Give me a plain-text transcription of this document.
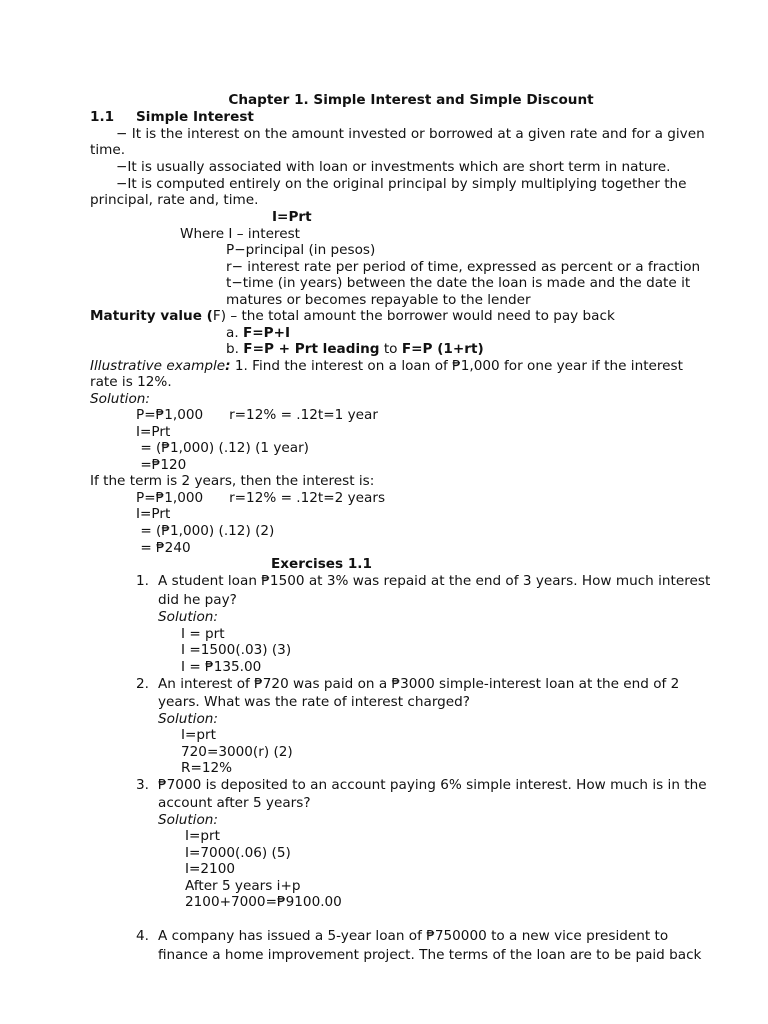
Chapter 1. Simple Interest and Simple Discount
1.1 Simple Interest
− It is the interest on the amount invested or borrowed at a given rate and for a given
time.
−It is usually associated with loan or investments which are short term in nature.
−It is computed entirely on the original principal by simply multiplying together the
principal, rate and, time.
I=Prt
Where I – interest
P−principal (in pesos)
r− interest rate per period of time, expressed as percent or a fraction
t−time (in years) between the date the loan is made and the date it
matures or becomes repayable to the lender
Maturity value (F) – the total amount the borrower would need to pay back
a. F=P+I
b. F=P + Prt leading to F=P (1+rt)
Illustrative example: 1. Find the interest on a loan of ₱1,000 for one year if the interest
rate is 12%.
Solution:
P=₱1,000      r=12% = .12t=1 year
I=Prt
= (₱1,000) (.12) (1 year)
=₱120
If the term is 2 years, then the interest is:
P=₱1,000      r=12% = .12t=2 years
I=Prt
= (₱1,000) (.12) (2)
= ₱240
Exercises 1.1
1. A student loan ₱1500 at 3% was repaid at the end of 3 years. How much interest
did he pay?
Solution:
I = prt
I =1500(.03) (3)
I = ₱135.00
2. An interest of ₱720 was paid on a ₱3000 simple-interest loan at the end of 2
years. What was the rate of interest charged?
Solution:
I=prt
720=3000(r) (2)
R=12%
3. ₱7000 is deposited to an account paying 6% simple interest. How much is in the
account after 5 years?
Solution:
I=prt
I=7000(.06) (5)
I=2100
After 5 years i+p
2100+7000=₱9100.00
4. A company has issued a 5-year loan of ₱750000 to a new vice president to
finance a home improvement project. The terms of the loan are to be paid back
